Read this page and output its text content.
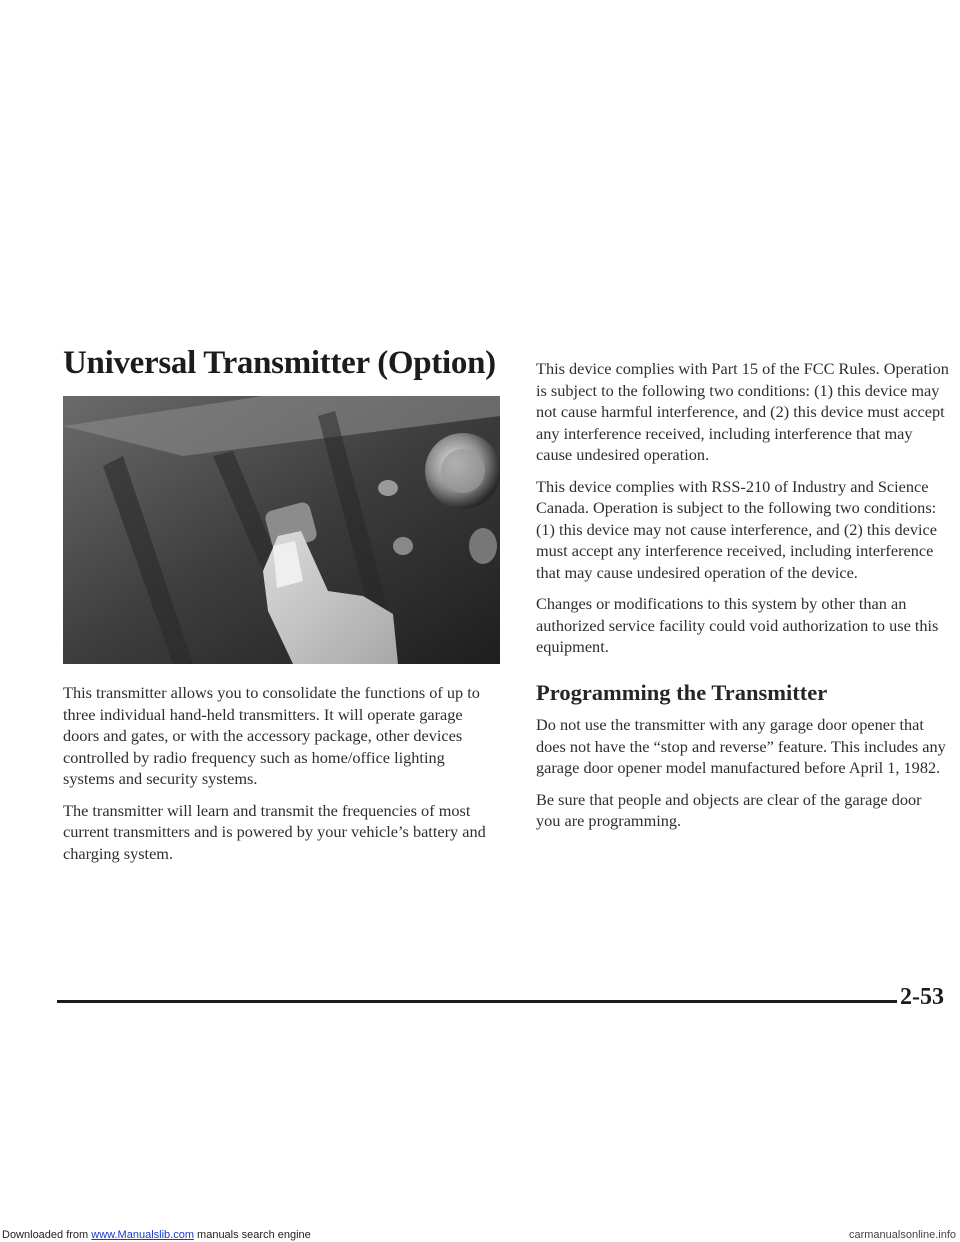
Universal Transmitter (Option)

This transmitter allows you to consolidate the functions of up to three individual hand-held transmitters. It will operate garage doors and gates, or with the accessory package, other devices controlled by radio frequency such as home/office lighting systems and security systems.

The transmitter will learn and transmit the frequencies of most current transmitters and is powered by your vehicle’s battery and charging system.

This device complies with Part 15 of the FCC Rules. Operation is subject to the following two conditions: (1) this device may not cause harmful interference, and (2) this device must accept any interference received, including interference that may cause undesired operation.

This device complies with RSS-210 of Industry and Science Canada. Operation is subject to the following two conditions: (1) this device may not cause interference, and (2) this device must accept any interference received, including interference that may cause undesired operation of the device.

Changes or modifications to this system by other than an authorized service facility could void authorization to use this equipment.

Programming the Transmitter

Do not use the transmitter with any garage door opener that does not have the “stop and reverse” feature. This includes any garage door opener model manufactured before April 1, 1982.

Be sure that people and objects are clear of the garage door you are programming.

2-53
Downloaded from www.Manualslib.com manuals search engine	carmanualsonline.info
